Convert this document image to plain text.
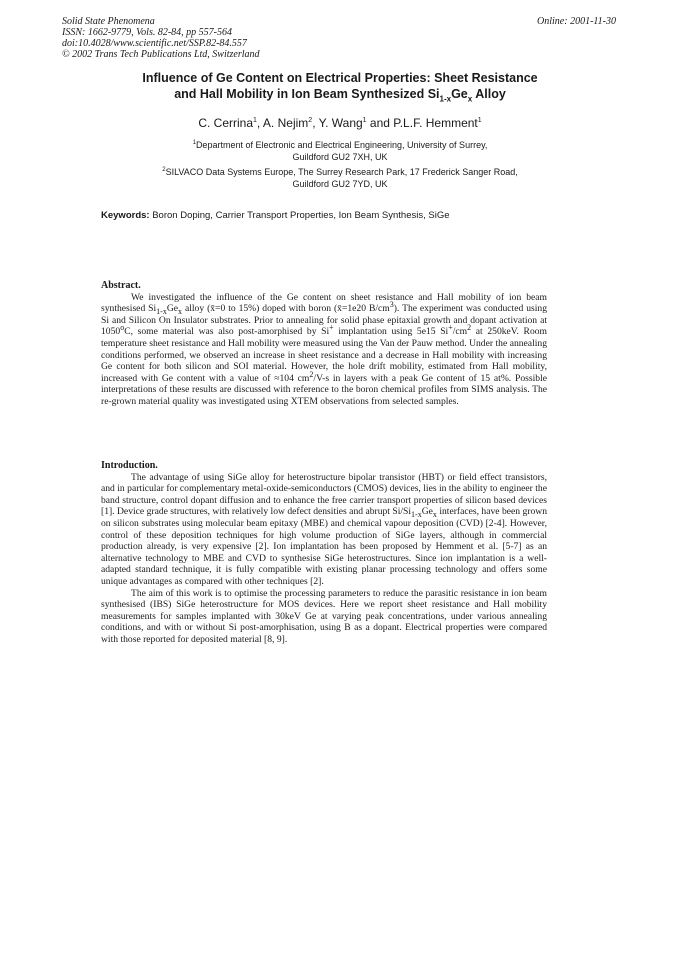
Solid State Phenomena
ISSN: 1662-9779, Vols. 82-84, pp 557-564
doi:10.4028/www.scientific.net/SSP.82-84.557
© 2002 Trans Tech Publications Ltd, Switzerland
Online: 2001-11-30
Influence of Ge Content on Electrical Properties: Sheet Resistance
and Hall Mobility in Ion Beam Synthesized $Si_{1-x}Ge_x$ Alloy
C. Cerrina$^1$, A. Nejim$^2$, Y. Wang$^1$ and P.L.F. Hemment$^1$
$^1$Department of Electronic and Electrical Engineering, University of Surrey,
Guildford GU2 7XH, UK
$^2$SILVACO Data Systems Europe, The Surrey Research Park, 17 Frederick Sanger Road,
Guildford GU2 7YD, UK
Keywords: Boron Doping, Carrier Transport Properties, Ion Beam Synthesis, SiGe
Abstract.

We investigated the influence of the Ge content on sheet resistance and Hall mobility of ion beam synthesised $Si_{1-x}Ge_x$ alloy (x̄=0 to 15%) doped with boron (x̄=1e20 $B/cm^3$). The experiment was conducted using Si and Silicon On Insulator substrates. Prior to annealing for solid phase epitaxial growth and dopant activation at 1050$^o$C, some material was also post-amorphised by Si+ implantation using 5e15 $Si^+/cm^2$ at 250keV. Room temperature sheet resistance and Hall mobility were measured using the Van der Pauw method. Under the annealing conditions performed, we observed an increase in sheet resistance and a decrease in Hall mobility with increasing Ge content for both silicon and SOI material. However, the hole drift mobility, estimated from Hall mobility, increased with Ge content with a value of ≈104 $cm^2/V-s$ in layers with a peak Ge content of 15 at%. Possible interpretations of these results are discussed with reference to the boron chemical profiles from SIMS analysis. The re-grown material quality was investigated using XTEM observations from selected samples.

Introduction.

The advantage of using SiGe alloy for heterostructure bipolar transistor (HBT) or field effect transistors, and in particular for complementary metal-oxide-semiconductors (CMOS) devices, lies in the ability to engineer the band structure, control dopant diffusion and to enhance the free carrier transport properties of silicon based devices [1]. Device grade structures, with relatively low defect densities and abrupt $Si/Si_{1-x}Ge_x$ interfaces, have been grown on silicon substrates using molecular beam epitaxy (MBE) and chemical vapour deposition (CVD) [2-4]. However, control of these deposition techniques for high volume production of SiGe layers, although in commercial production already, is very expensive [2]. Ion implantation has been proposed by Hemment et al. [5-7] as an alternative technology to MBE and CVD to synthesise SiGe heterostructures. Since ion implantation is a well-adapted standard technique, it is fully compatible with existing planar processing technology and offers some unique advantages as compared with other techniques [2].

The aim of this work is to optimise the processing parameters to reduce the parasitic resistance in ion beam synthesised (IBS) SiGe heterostructure for MOS devices. Here we report sheet resistance and Hall mobility measurements for samples implanted with 30keV Ge at varying peak concentrations, under various annealing conditions, and with or without Si post-amorphisation, using B as a dopant. Electrical properties were compared with those reported for deposited material [8, 9].
